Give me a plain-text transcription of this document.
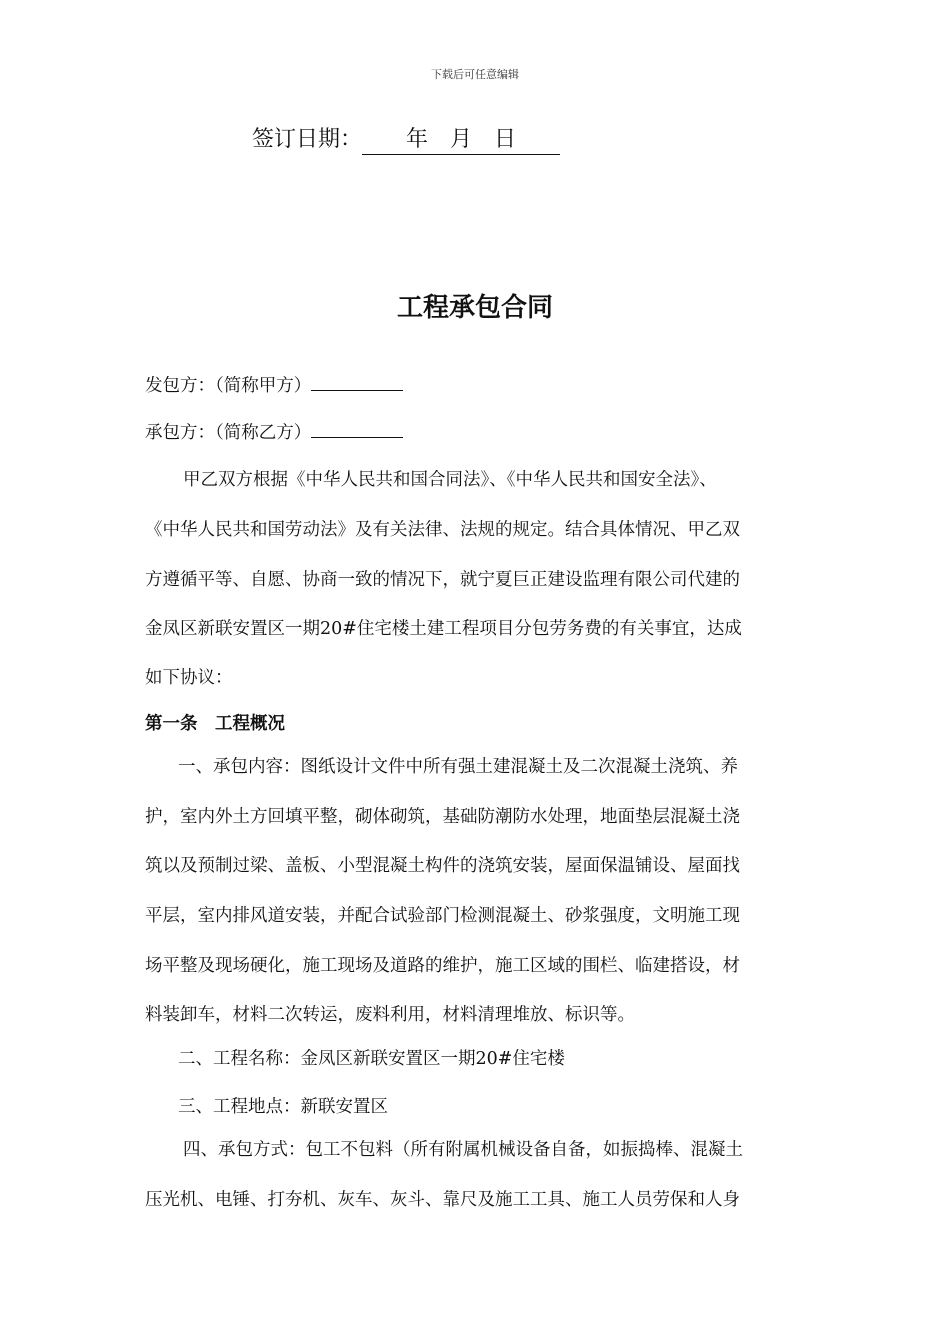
下载后可任意编辑
签订日期： 年　月　日
工程承包合同
发包方：（简称甲方）
承包方：（简称乙方）
甲乙双方根据《中华人民共和国合同法》、《中华人民共和国安全法》、
《中华人民共和国劳动法》及有关法律、法规的规定。结合具体情况、甲乙双
方遵循平等、自愿、协商一致的情况下，就宁夏巨正建设监理有限公司代建的
金凤区新联安置区一期20#住宅楼土建工程项目分包劳务费的有关事宜，达成
如下协议：
第一条　工程概况
一、承包内容：图纸设计文件中所有强土建混凝土及二次混凝土浇筑、养
护，室内外土方回填平整，砌体砌筑，基础防潮防水处理，地面垫层混凝土浇
筑以及预制过梁、盖板、小型混凝土构件的浇筑安装，屋面保温铺设、屋面找
平层，室内排风道安装，并配合试验部门检测混凝土、砂浆强度，文明施工现
场平整及现场硬化，施工现场及道路的维护，施工区域的围栏、临建搭设，材
料装卸车，材料二次转运，废料利用，材料清理堆放、标识等。
二、工程名称：金凤区新联安置区一期20#住宅楼
三、工程地点：新联安置区
四、承包方式：包工不包料（所有附属机械设备自备，如振捣棒、混凝土
压光机、电锤、打夯机、灰车、灰斗、靠尺及施工工具、施工人员劳保和人身
